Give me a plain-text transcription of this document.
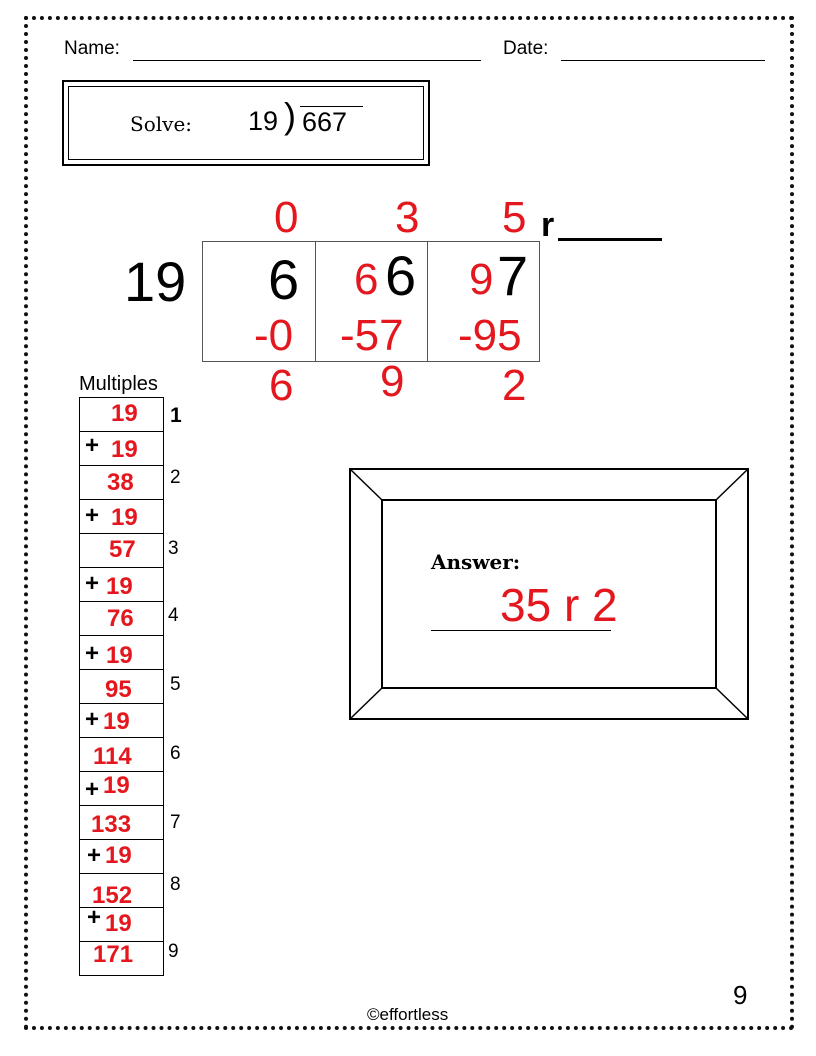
Name:	Date:
Solve: 19 ) 667
0 3 5 r
19 6 6 6 9 7
-0 -57 -95
6 9 2
Multiples
19
38
57
76
95
114
133
152
171
+ 19
+ 19
+ 19
+ 19
+ 19
+ 19
+ 19
+ 19
1
2
3
4
5
6
7
8
9
Answer:
35 r 2
©effortless
9
